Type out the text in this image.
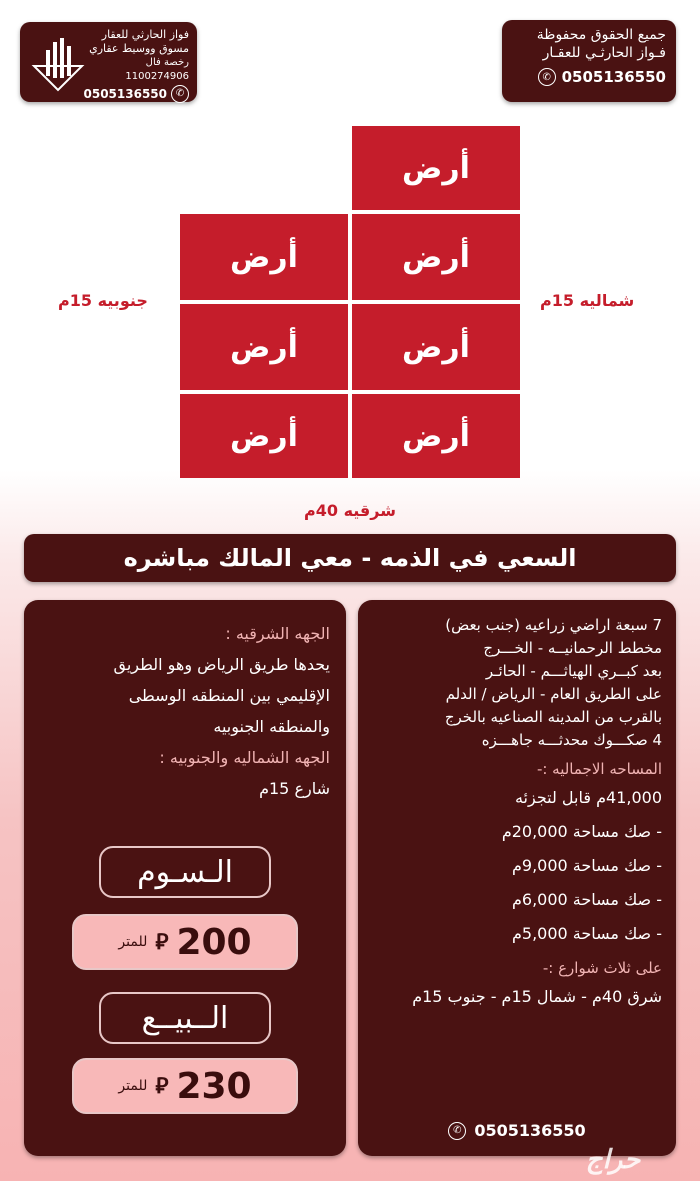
فواز الحارثي للعقار
مسوق ووسيط عقاري
رخصة فال 1100274906
✆
0505136550
جميع الحقوق محفوظة
فـواز الحارثـي للعقـار
0505136550
✆
أرض
أرض
أرض
أرض
أرض
أرض
أرض
شماليه 15م
جنوبيه 15م
شرقيه 40م
السعي في الذمه - معي المالك مباشره
7 سبعة اراضي زراعيه (جنب بعض)
مخطط الرحمانيــه - الخـــرج
بعد كبــري الهياثـــم - الحائـر
على الطريق العام - الرياض / الدلم
بالقرب من المدينه الصناعيه بالخرج
4 صكـــوك محدثـــه جاهـــزه
المساحه الاجماليه :-
41,000م قابل لتجزئه
- صك مساحة 20,000م
- صك مساحة 9,000م
- صك مساحة 6,000م
- صك مساحة 5,000م
على ثلاث شوارع :-
شرق 40م - شمال 15م - جنوب 15م
✆ 0505136550
الجهه الشرقيه :
يحدها طريق الرياض وهو الطريق
الإقليمي بين المنطقه الوسطى
والمنطقه الجنوبيه
الجهه الشماليه والجنوبيه :
شارع 15م
الـسـوم
200
⃁
للمتر
الــبيــع
230
⃁
للمتر
حراج
